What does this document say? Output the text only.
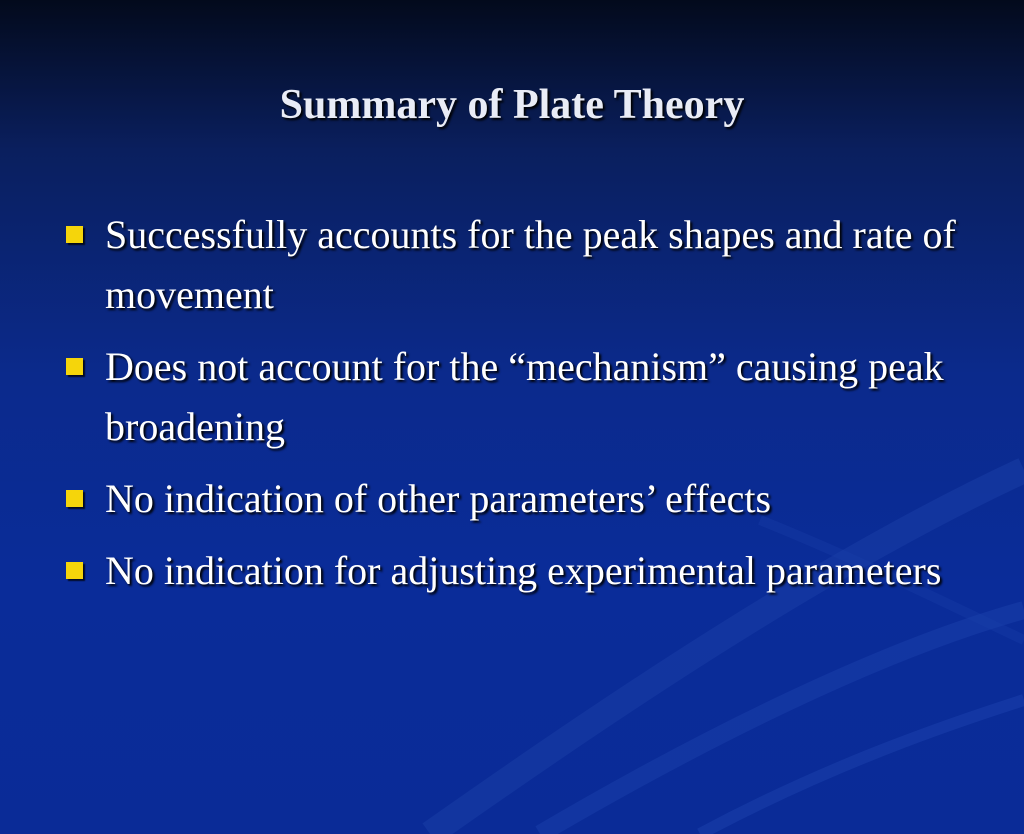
Summary of Plate Theory
Successfully accounts for the peak shapes and rate of movement
Does not account for the “mechanism” causing peak broadening
No indication of other parameters’ effects
No indication for adjusting experimental parameters
